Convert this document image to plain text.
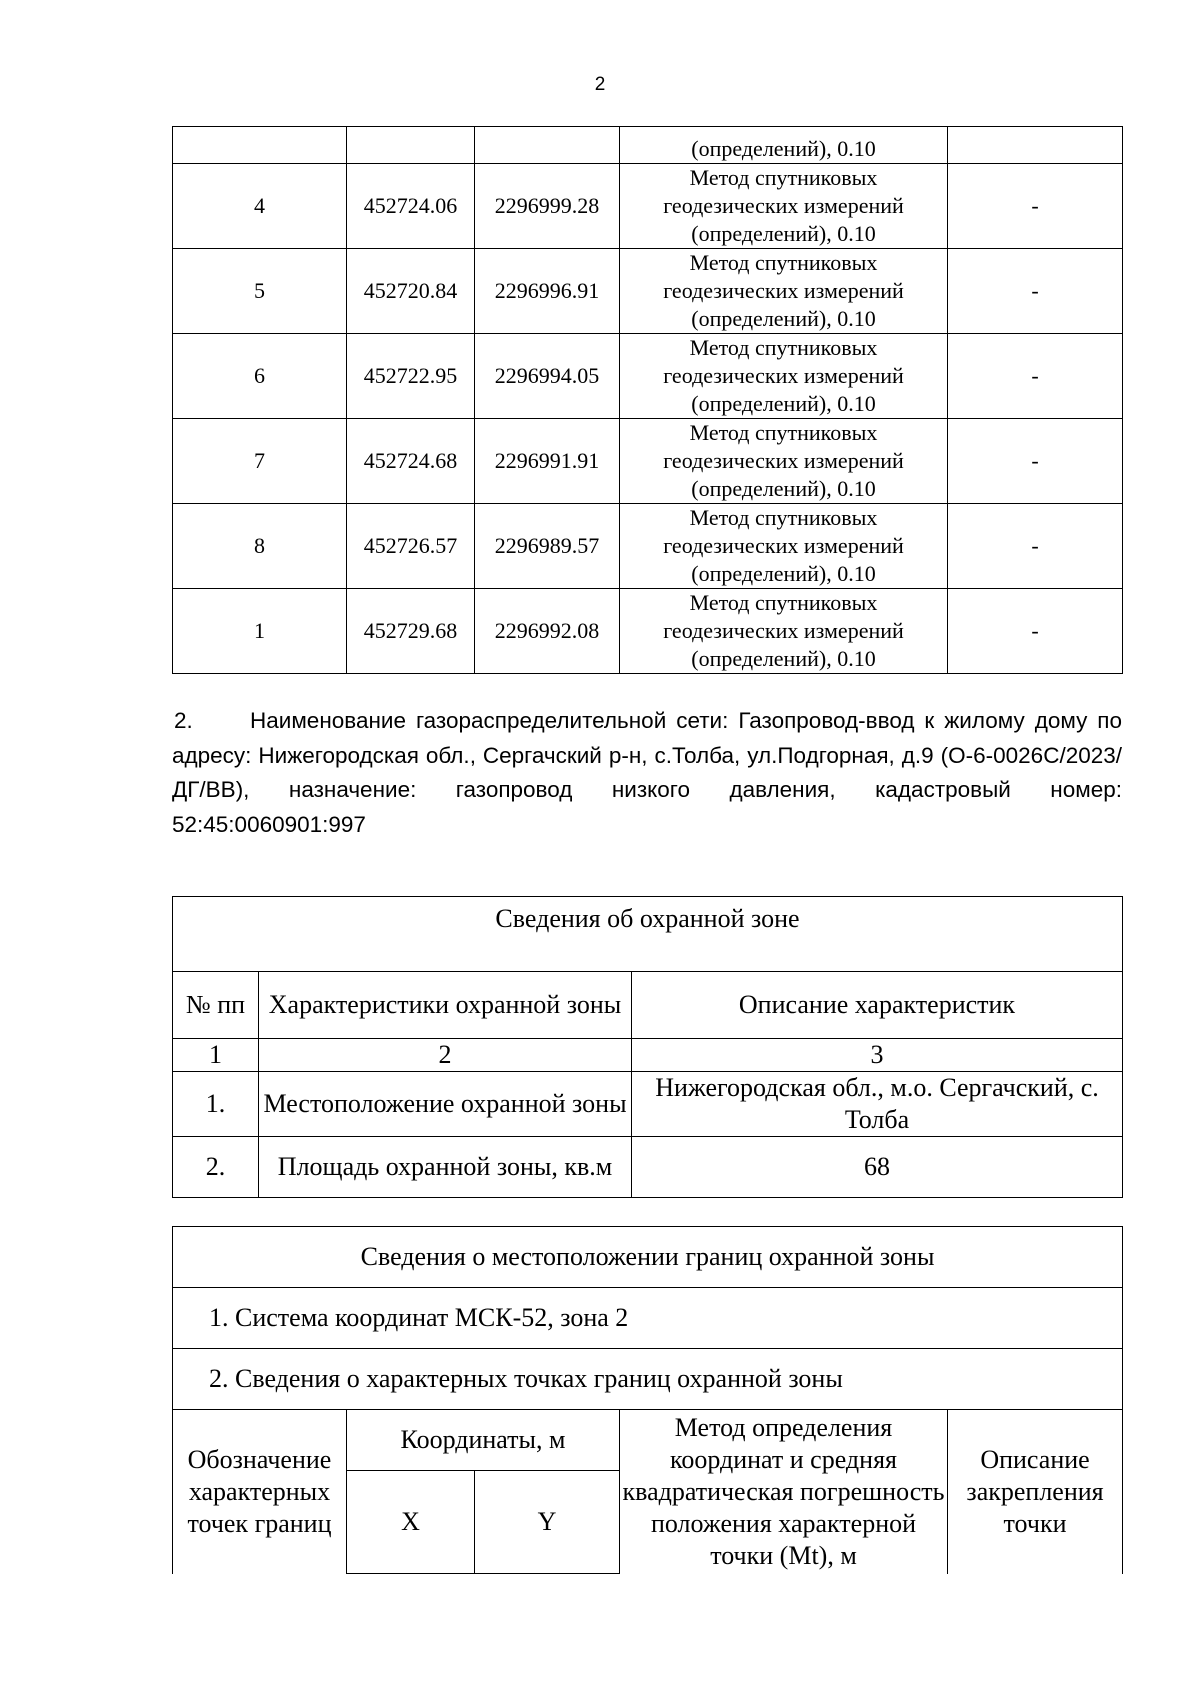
2
			(определений), 0.10	
4	452724.06	2296999.28	Метод спутниковых
геодезических измерений
(определений), 0.10	-
5	452720.84	2296996.91	Метод спутниковых
геодезических измерений
(определений), 0.10	-
6	452722.95	2296994.05	Метод спутниковых
геодезических измерений
(определений), 0.10	-
7	452724.68	2296991.91	Метод спутниковых
геодезических измерений
(определений), 0.10	-
8	452726.57	2296989.57	Метод спутниковых
геодезических измерений
(определений), 0.10	-
1	452729.68	2296992.08	Метод спутниковых
геодезических измерений
(определений), 0.10	-
2.	Наименование газораспределительной сети: Газопровод-ввод к жилому дому по адресу: Нижегородская обл., Сергачский р-н, с.Толба, ул.Подгорная, д.9 (О-6-0026С/2023/ДГ/ВВ), назначение: газопровод низкого давления, кадастровый номер: 52:45:0060901:997
Сведения об охранной зоне		
№ пп	Характеристики охранной зоны	Описание характеристик
1	2	3
1.	Местоположение охранной зоны	Нижегородская обл., м.о. Сергачский, с. Толба
2.	Площадь охранной зоны, кв.м	68
Сведения о местоположении границ охранной зоны				
1. Система координат МСК-52, зона 2				
2. Сведения о характерных точках границ охранной зоны				
Обозначение характерных точек границ	Координаты, м		Метод определения координат и средняя квадратическая погрешность положения характерной точки (Mt), м	Описание закрепления точки
	X	Y		
